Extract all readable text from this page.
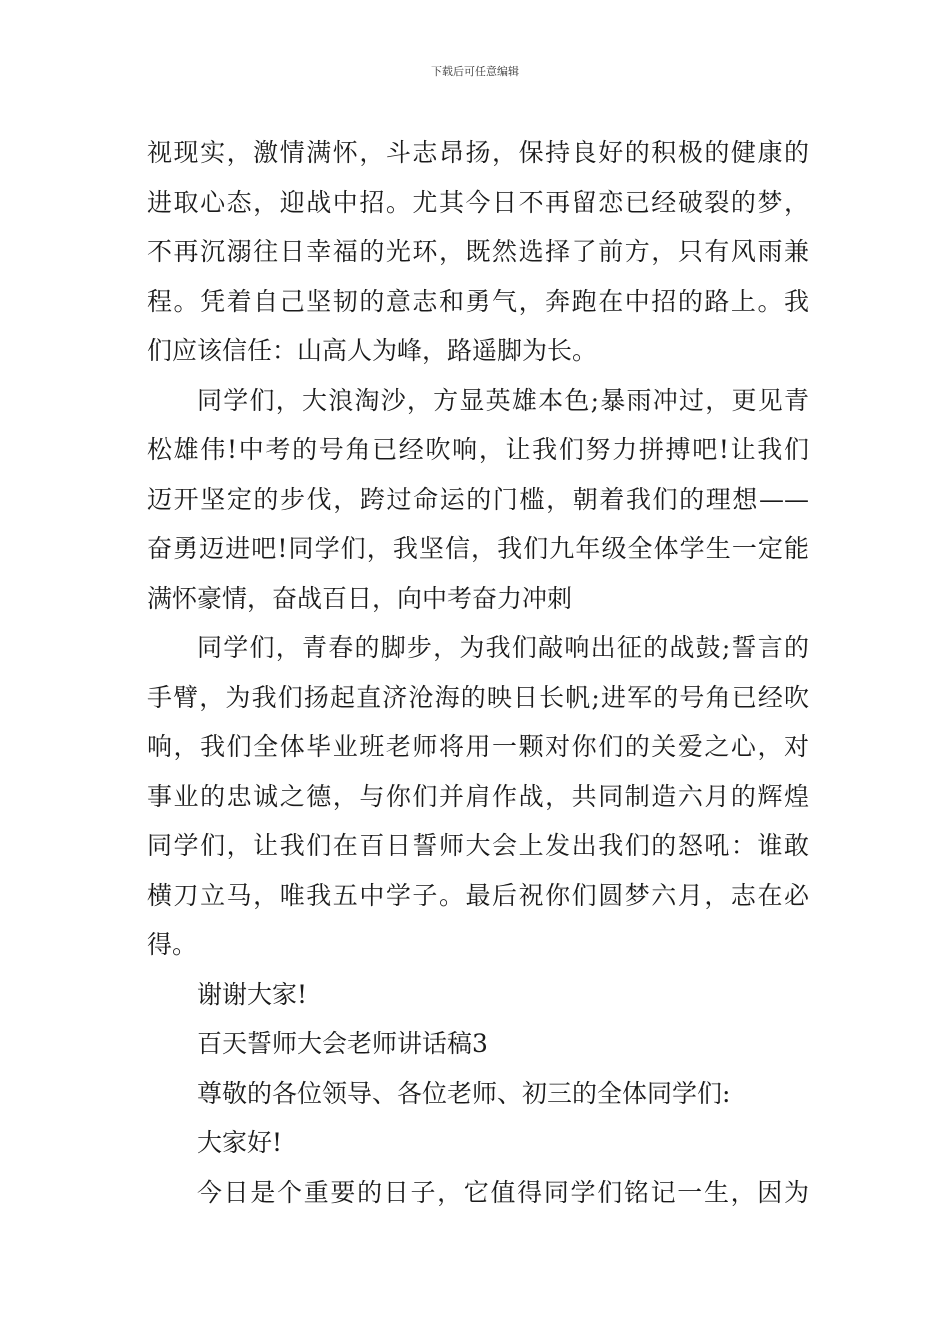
下载后可任意编辑
视现实，激情满怀，斗志昂扬，保持良好的积极的健康的
进取心态，迎战中招。尤其今日不再留恋已经破裂的梦，
不再沉溺往日幸福的光环，既然选择了前方，只有风雨兼
程。凭着自己坚韧的意志和勇气，奔跑在中招的路上。我
们应该信任：山高人为峰，路遥脚为长。
同学们，大浪淘沙，方显英雄本色;暴雨冲过，更见青
松雄伟!中考的号角已经吹响，让我们努力拼搏吧!让我们
迈开坚定的步伐，跨过命运的门槛，朝着我们的理想——
奋勇迈进吧!同学们，我坚信，我们九年级全体学生一定能
满怀豪情，奋战百日，向中考奋力冲刺
同学们，青春的脚步，为我们敲响出征的战鼓;誓言的
手臂，为我们扬起直济沧海的映日长帆;进军的号角已经吹
响，我们全体毕业班老师将用一颗对你们的关爱之心，对
事业的忠诚之德，与你们并肩作战，共同制造六月的辉煌
同学们，让我们在百日誓师大会上发出我们的怒吼：谁敢
横刀立马，唯我五中学子。最后祝你们圆梦六月，志在必
得。
谢谢大家!
百天誓师大会老师讲话稿3
尊敬的各位领导、各位老师、初三的全体同学们:
大家好!
今日是个重要的日子，它值得同学们铭记一生，因为
